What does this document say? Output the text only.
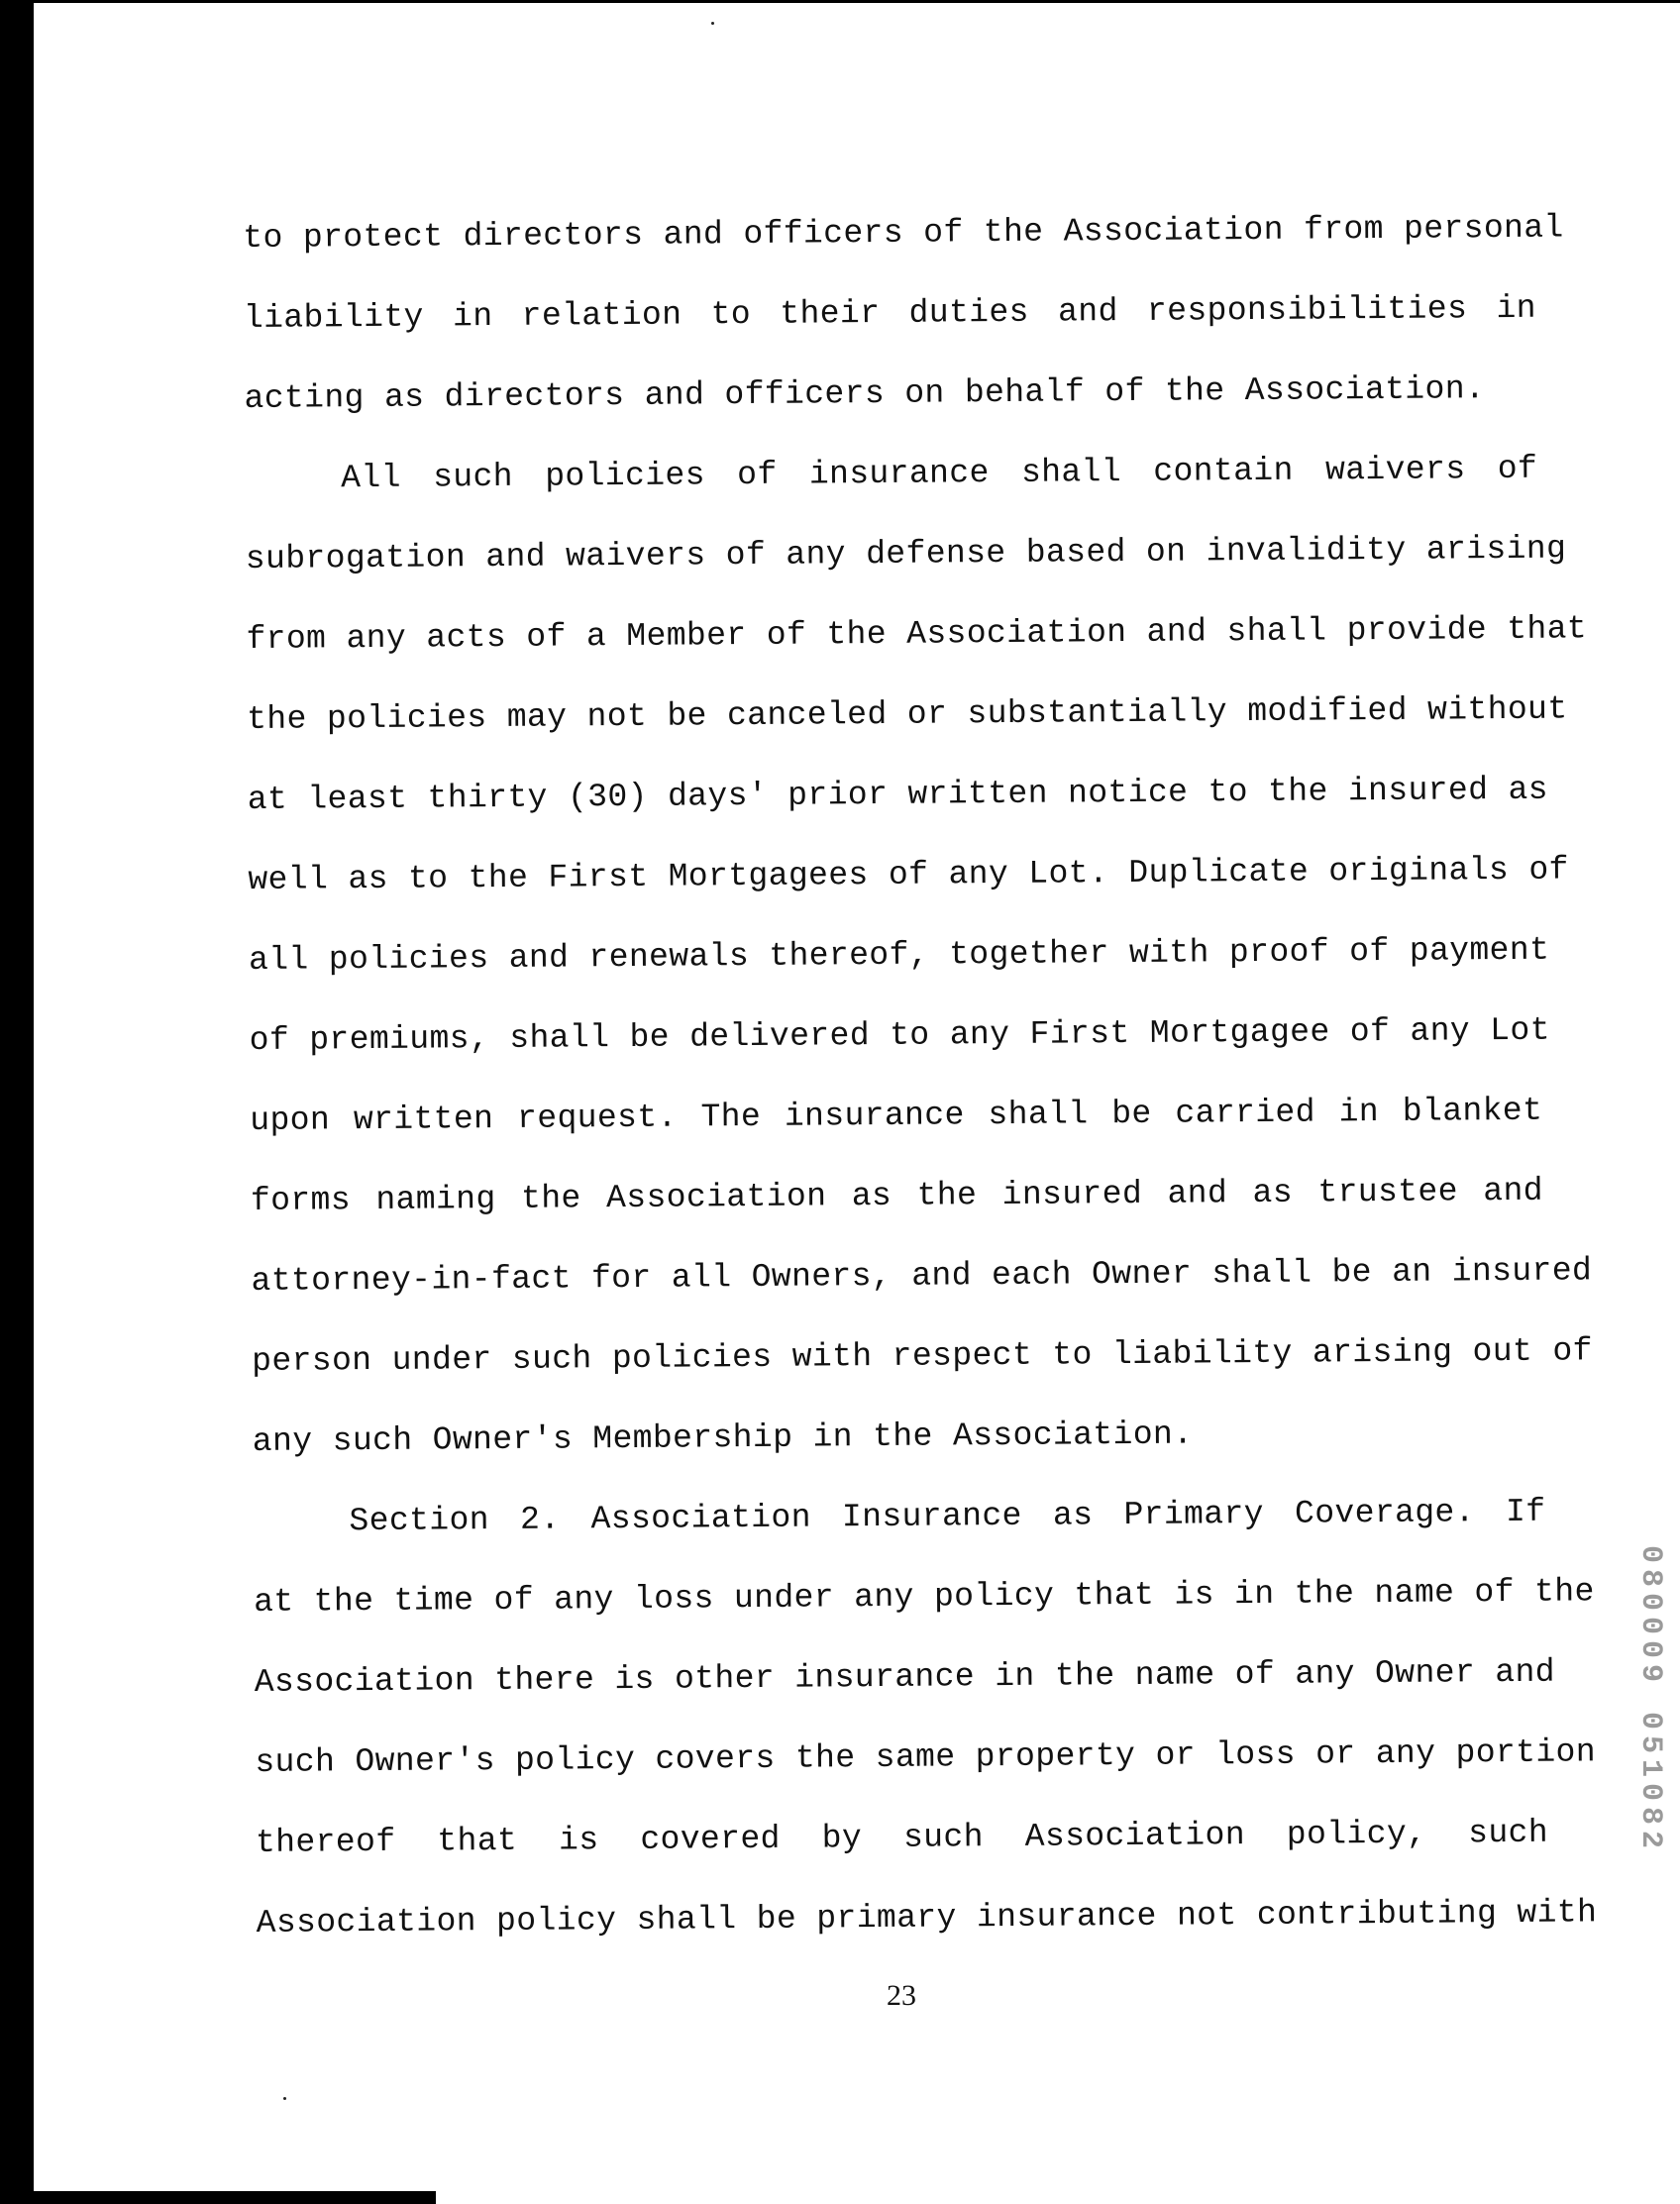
to protect directors and officers of the Association from personal
liability in relation to their duties and responsibilities in
acting as directors and officers on behalf of the Association.
All such policies of insurance shall contain waivers of
subrogation and waivers of any defense based on invalidity arising
from any acts of a Member of the Association and shall provide that
the policies may not be canceled or substantially modified without
at least thirty (30) days' prior written notice to the insured as
well as to the First Mortgagees of any Lot. Duplicate originals of
all policies and renewals thereof, together with proof of payment
of premiums, shall be delivered to any First Mortgagee of any Lot
upon written request. The insurance shall be carried in blanket
forms naming the Association as the insured and as trustee and
attorney-in-fact for all Owners, and each Owner shall be an insured
person under such policies with respect to liability arising out of
any such Owner's Membership in the Association.
Section 2. Association Insurance as Primary Coverage. If
at the time of any loss under any policy that is in the name of the
Association there is other insurance in the name of any Owner and
such Owner's policy covers the same property or loss or any portion
thereof that is covered by such Association policy, such
Association policy shall be primary insurance not contributing with
23
080009 051082
